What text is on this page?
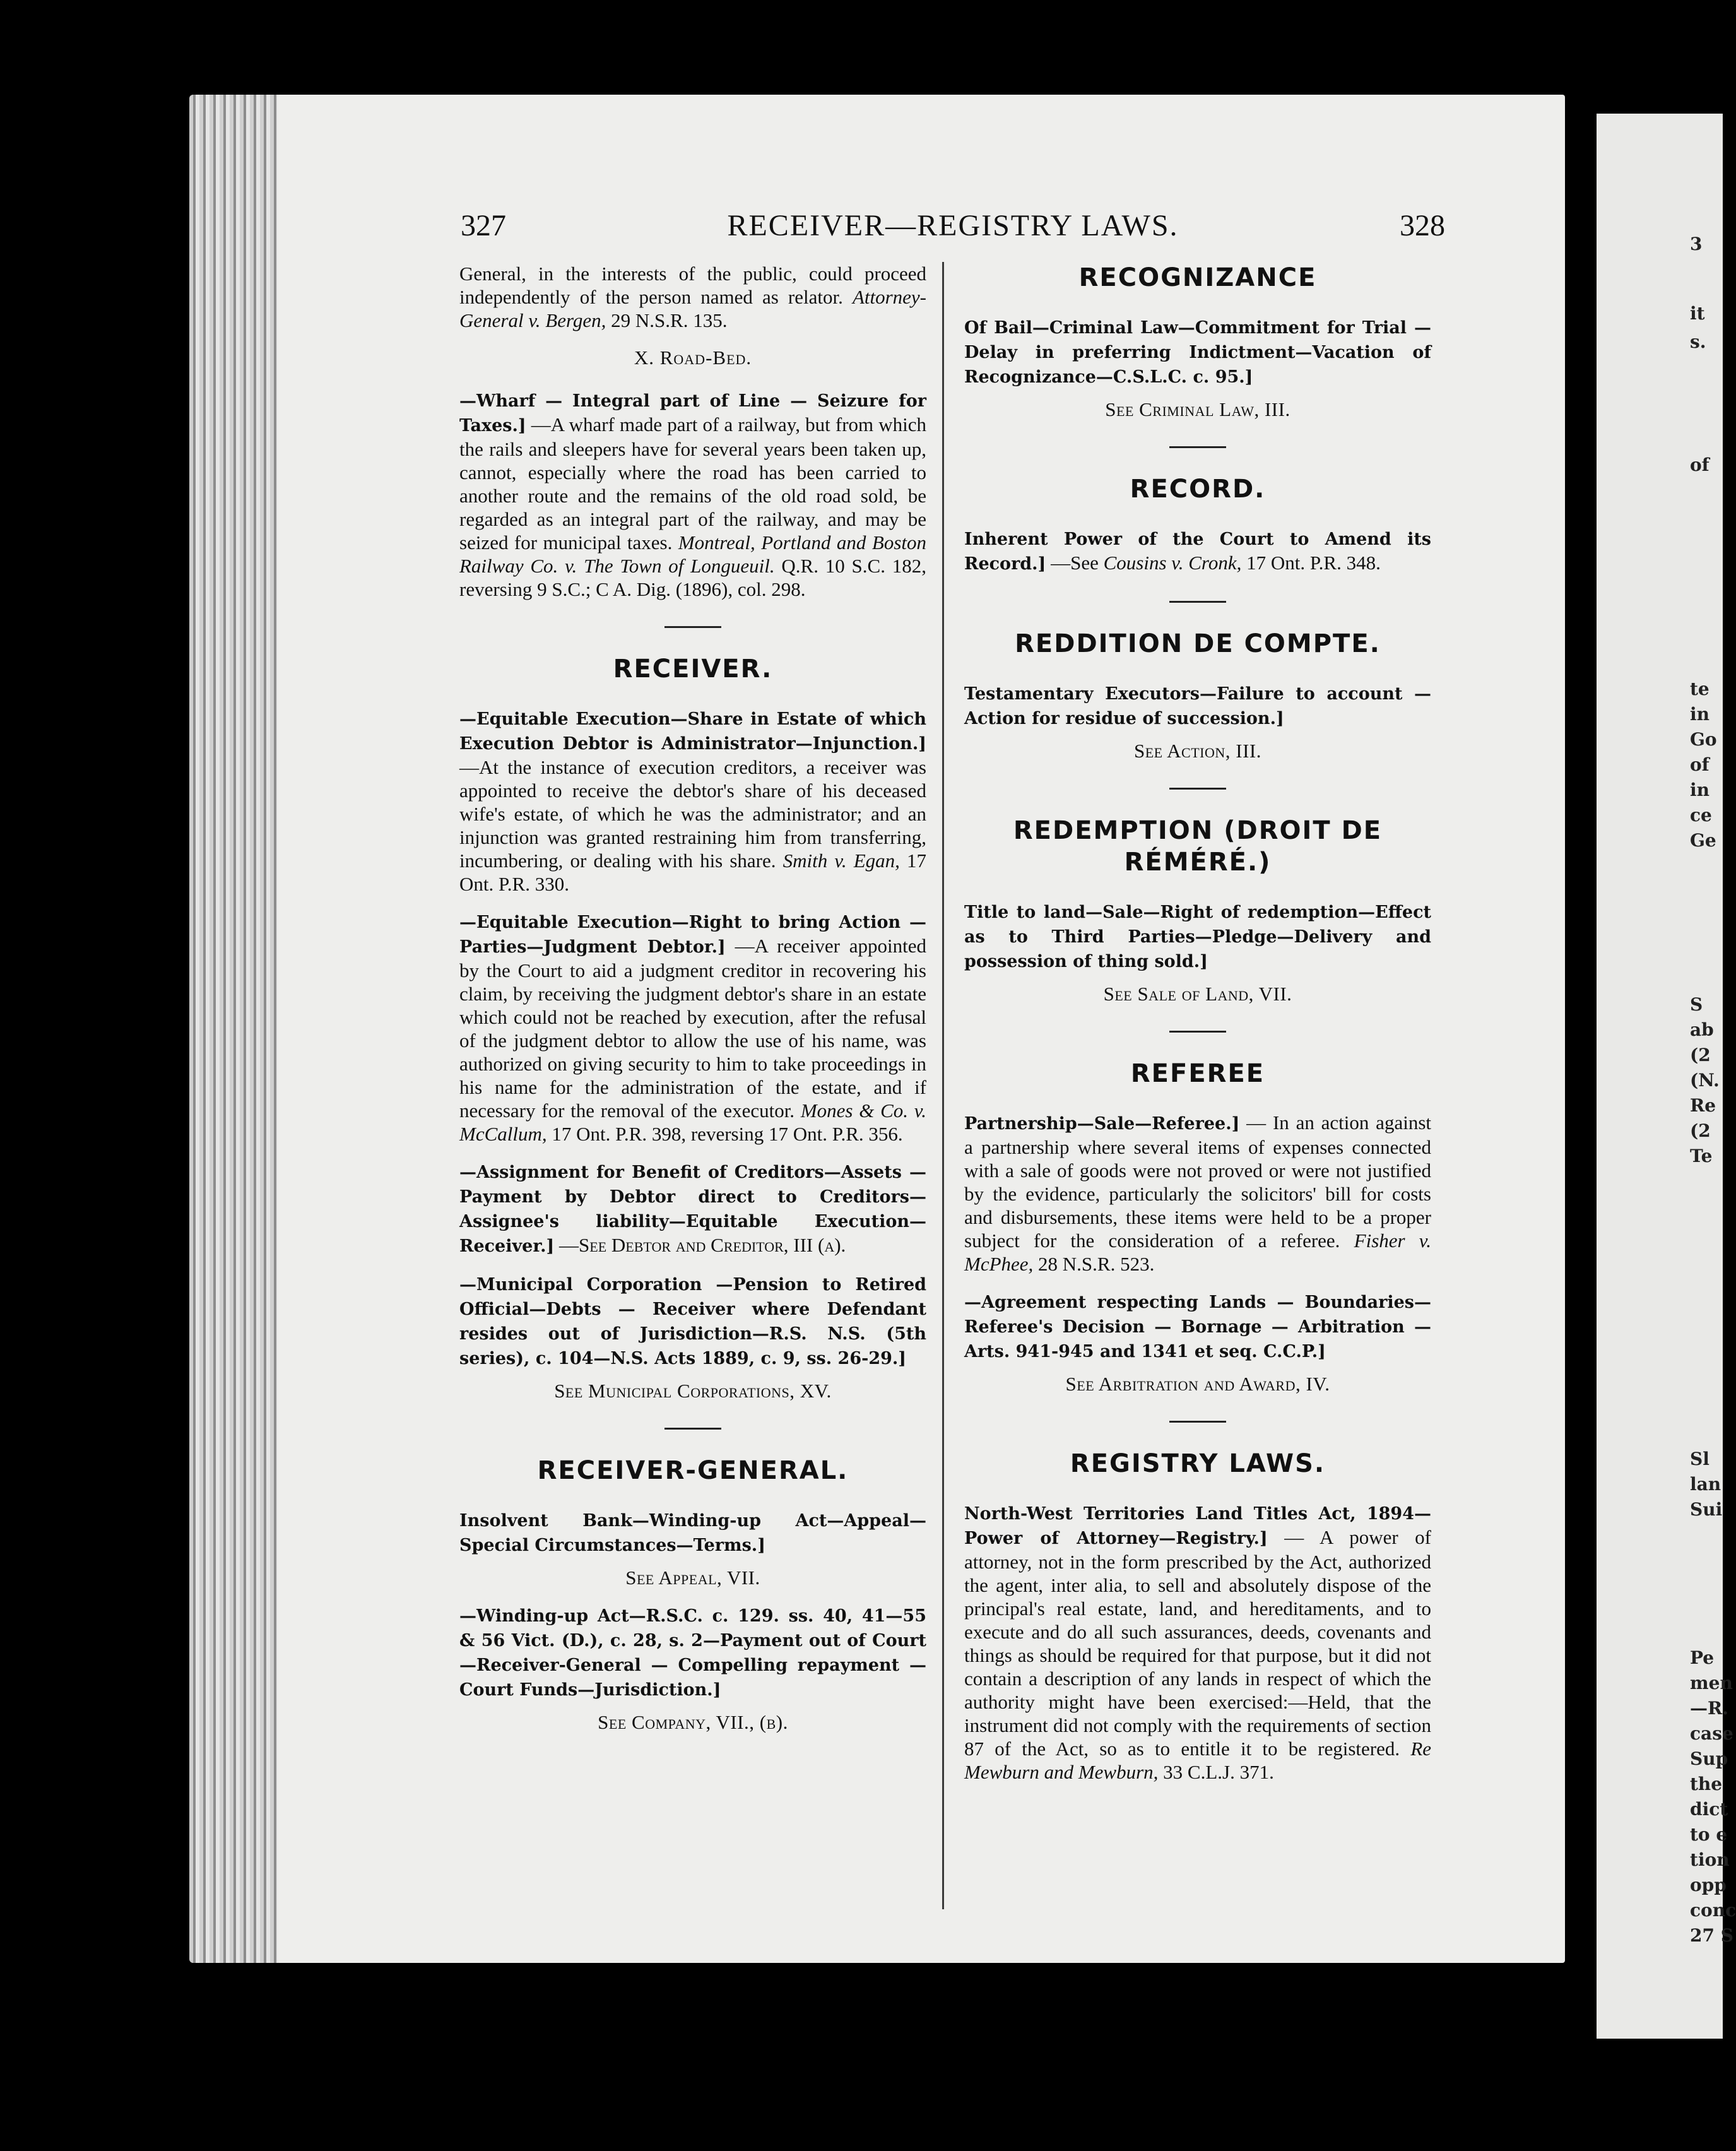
3
it
s.
of
te
in
Go
of
in
ce
Ge
S
ab
(2
(N.
Re
(2
Te
Sl
lan
Sui
Pe
men
—R.
case
Sup
the
dict
to e
tion
opp
conc
27 S
327	RECEIVER—REGISTRY LAWS.	328

General, in the interests of the public, could proceed independently of the person named as relator. Attorney-General v. Bergen, 29 N.S.R. 135.

X. Road-Bed.

—Wharf — Integral part of Line — Seizure for Taxes.] —A wharf made part of a railway, but from which the rails and sleepers have for several years been taken up, cannot, especially where the road has been carried to another route and the remains of the old road sold, be regarded as an integral part of the railway, and may be seized for municipal taxes. Montreal, Portland and Boston Railway Co. v. The Town of Longueuil. Q.R. 10 S.C. 182, reversing 9 S.C.; C A. Dig. (1896), col. 298.

RECEIVER.

—Equitable Execution—Share in Estate of which Execution Debtor is Administrator—Injunction.] —At the instance of execution creditors, a receiver was appointed to receive the debtor's share of his deceased wife's estate, of which he was the administrator; and an injunction was granted restraining him from transferring, incumbering, or dealing with his share. Smith v. Egan, 17 Ont. P.R. 330.

—Equitable Execution—Right to bring Action —Parties—Judgment Debtor.] —A receiver appointed by the Court to aid a judgment creditor in recovering his claim, by receiving the judgment debtor's share in an estate which could not be reached by execution, after the refusal of the judgment debtor to allow the use of his name, was authorized on giving security to him to take proceedings in his name for the administration of the estate, and if necessary for the removal of the executor. Mones & Co. v. McCallum, 17 Ont. P.R. 398, reversing 17 Ont. P.R. 356.

—Assignment for Benefit of Creditors—Assets —Payment by Debtor direct to Creditors—Assignee's liability—Equitable Execution—Receiver.] —See Debtor and Creditor, III (a).

—Municipal Corporation —Pension to Retired Official—Debts — Receiver where Defendant resides out of Jurisdiction—R.S. N.S. (5th series), c. 104—N.S. Acts 1889, c. 9, ss. 26-29.]

See Municipal Corporations, XV.
RECEIVER-GENERAL.

Insolvent Bank—Winding-up Act—Appeal—Special Circumstances—Terms.]

See Appeal, VII.

—Winding-up Act—R.S.C. c. 129. ss. 40, 41—55 & 56 Vict. (D.), c. 28, s. 2—Payment out of Court —Receiver-General — Compelling repayment — Court Funds—Jurisdiction.]

See Company, VII., (b).
RECOGNIZANCE

Of Bail—Criminal Law—Commitment for Trial —Delay in preferring Indictment—Vacation of Recognizance—C.S.L.C. c. 95.]

See Criminal Law, III.
RECORD.

Inherent Power of the Court to Amend its Record.] —See Cousins v. Cronk, 17 Ont. P.R. 348.

REDDITION DE COMPTE.

Testamentary Executors—Failure to account —Action for residue of succession.]

See Action, III.
REDEMPTION (DROIT DE RÉMÉRÉ.)

Title to land—Sale—Right of redemption—Effect as to Third Parties—Pledge—Delivery and possession of thing sold.]

See Sale of Land, VII.
REFEREE

Partnership—Sale—Referee.] — In an action against a partnership where several items of expenses connected with a sale of goods were not proved or were not justified by the evidence, particularly the solicitors' bill for costs and disbursements, these items were held to be a proper subject for the consideration of a referee. Fisher v. McPhee, 28 N.S.R. 523.

—Agreement respecting Lands — Boundaries—Referee's Decision — Bornage — Arbitration — Arts. 941-945 and 1341 et seq. C.C.P.]

See Arbitration and Award, IV.
REGISTRY LAWS.

North-West Territories Land Titles Act, 1894—Power of Attorney—Registry.] — A power of attorney, not in the form prescribed by the Act, authorized the agent, inter alia, to sell and absolutely dispose of the principal's real estate, land, and hereditaments, and to execute and do all such assurances, deeds, covenants and things as should be required for that purpose, but it did not contain a description of any lands in respect of which the authority might have been exercised:—Held, that the instrument did not comply with the requirements of section 87 of the Act, so as to entitle it to be registered. Re Mewburn and Mewburn, 33 C.L.J. 371.
